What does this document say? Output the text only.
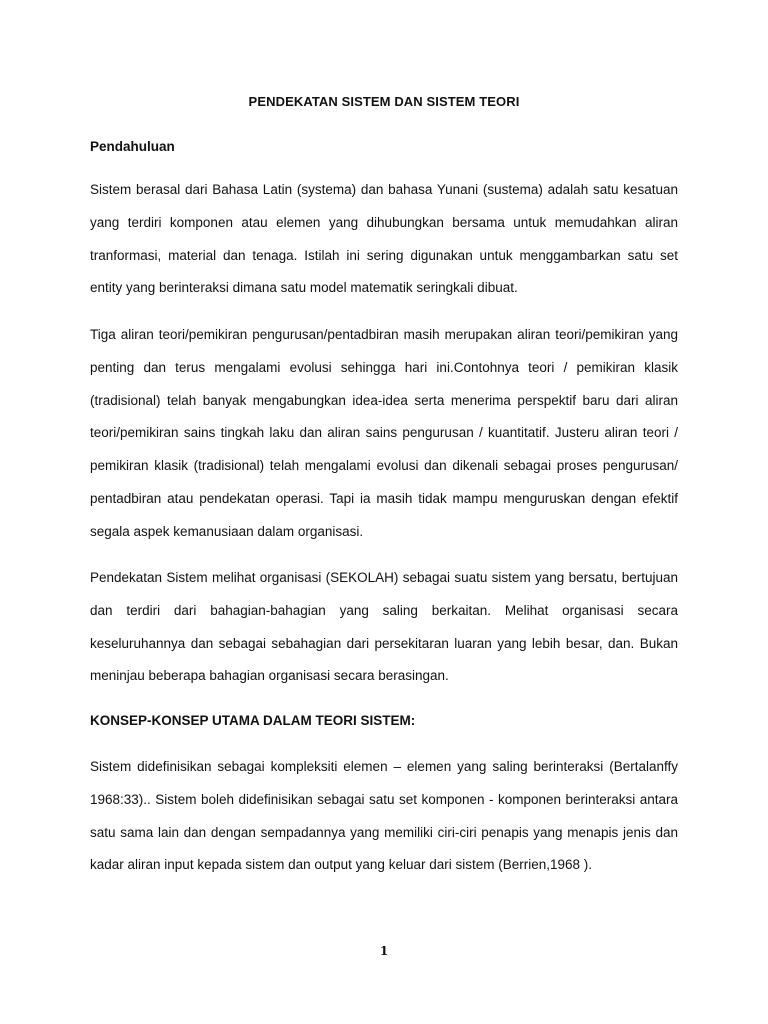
PENDEKATAN SISTEM DAN SISTEM TEORI
Pendahuluan

Sistem berasal dari Bahasa Latin (systema) dan bahasa Yunani (sustema) adalah satu kesatuan yang terdiri komponen atau elemen yang dihubungkan bersama untuk memudahkan aliran tranformasi, material dan tenaga. Istilah ini sering digunakan untuk menggambarkan satu set entity yang berinteraksi dimana satu model matematik seringkali dibuat.

Tiga aliran teori/pemikiran pengurusan/pentadbiran masih merupakan aliran teori/pemikiran yang penting dan terus mengalami evolusi sehingga hari ini.Contohnya teori / pemikiran klasik (tradisional) telah banyak mengabungkan idea-idea serta menerima perspektif baru dari aliran teori/pemikiran sains tingkah laku dan aliran sains pengurusan / kuantitatif. Justeru aliran teori / pemikiran klasik (tradisional) telah mengalami evolusi dan dikenali sebagai proses pengurusan/ pentadbiran atau pendekatan operasi. Tapi ia masih tidak mampu menguruskan dengan efektif segala aspek kemanusiaan dalam organisasi.

Pendekatan Sistem melihat organisasi (SEKOLAH) sebagai suatu sistem yang bersatu, bertujuan dan terdiri dari bahagian-bahagian yang saling berkaitan. Melihat organisasi secara keseluruhannya dan sebagai sebahagian dari persekitaran luaran yang lebih besar, dan. Bukan meninjau beberapa bahagian organisasi secara berasingan.

KONSEP-KONSEP UTAMA DALAM TEORI SISTEM:

Sistem didefinisikan sebagai kompleksiti elemen – elemen yang saling berinteraksi (Bertalanffy 1968:33).. Sistem boleh didefinisikan sebagai satu set komponen - komponen berinteraksi antara satu sama lain dan dengan sempadannya yang memiliki ciri-ciri penapis yang menapis jenis dan kadar aliran input kepada sistem dan output yang keluar dari sistem (Berrien,1968 ).

1
